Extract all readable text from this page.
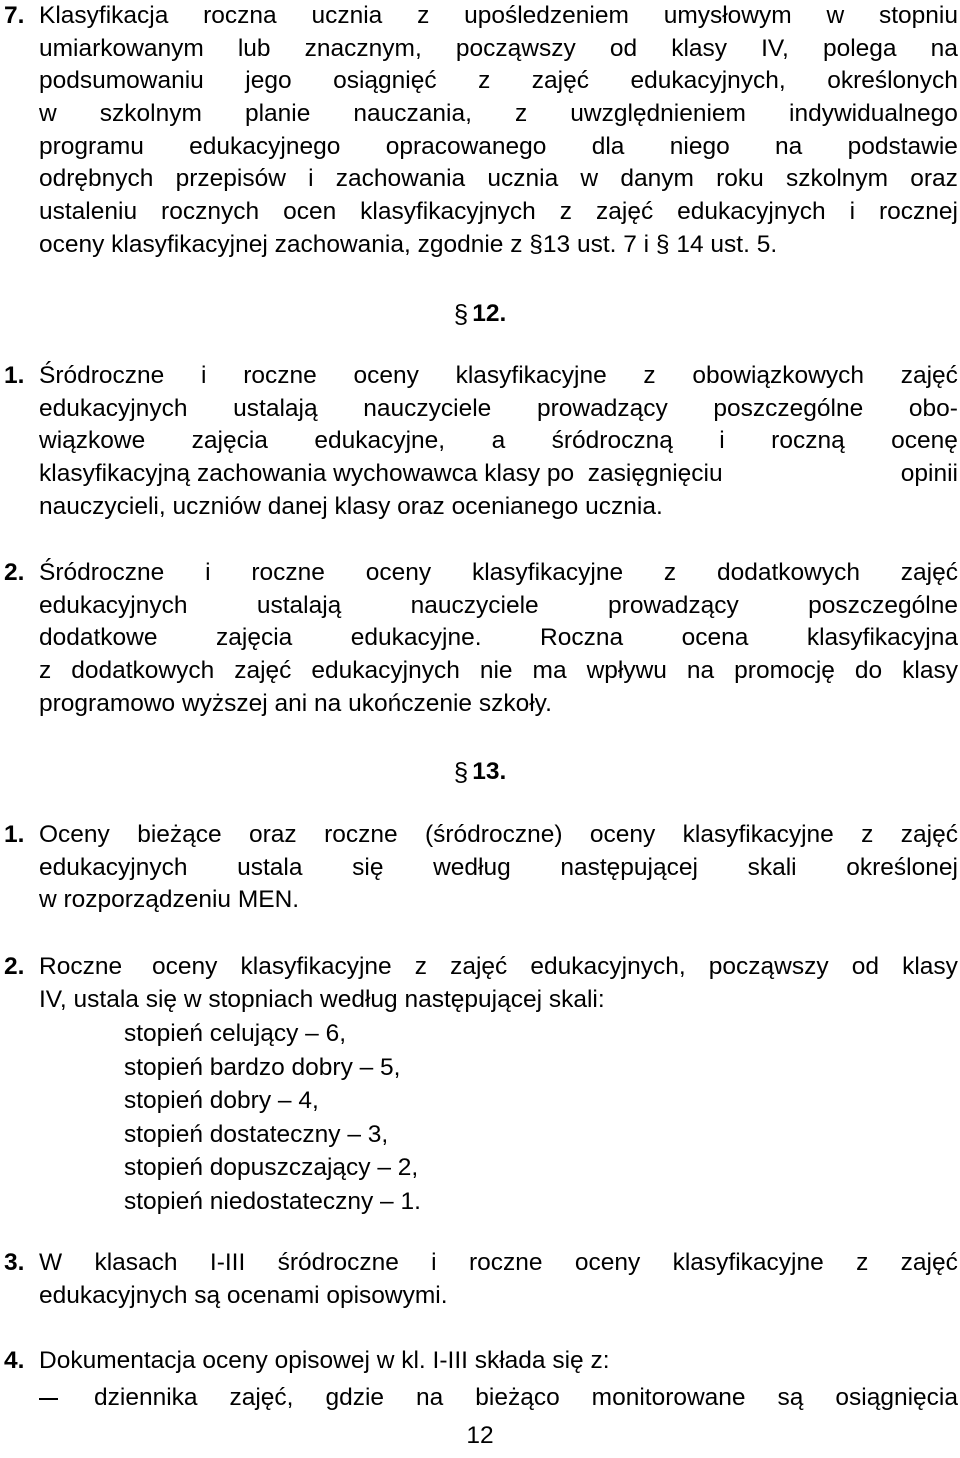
7. Klasyfikacja roczna ucznia z upośledzeniem umysłowym w stopniu
umiarkowanym lub znacznym, począwszy od klasy IV, polega na
podsumowaniu jego osiągnięć z zajęć edukacyjnych, określonych
w szkolnym planie nauczania, z uwzględnieniem indywidualnego
programu edukacyjnego opracowanego dla niego na podstawie
odrębnych przepisów i zachowania ucznia w danym roku szkolnym oraz
ustaleniu rocznych ocen klasyfikacyjnych z zajęć edukacyjnych i rocznej
oceny klasyfikacyjnej zachowania, zgodnie z §13 ust. 7 i § 14 ust. 5.
§ 12.
1. Śródroczne i roczne oceny klasyfikacyjne z obowiązkowych zajęć
edukacyjnych ustalają nauczyciele prowadzący poszczególne obo-
wiązkowe zajęcia edukacyjne, a śródroczną i roczną ocenę
klasyfikacyjną zachowania wychowawca klasy po  zasięgnięciu	opinii
nauczycieli, uczniów danej klasy oraz ocenianego ucznia.
2. Śródroczne i roczne oceny klasyfikacyjne z dodatkowych zajęć
edukacyjnych	ustalają	nauczyciele	prowadzący	poszczególne
dodatkowe zajęcia edukacyjne. Roczna ocena klasyfikacyjna
z dodatkowych zajęć edukacyjnych nie ma wpływu na promocję do klasy
programowo wyższej ani na ukończenie szkoły.
§ 13.
1. Oceny bieżące oraz roczne (śródroczne) oceny klasyfikacyjne z zajęć
edukacyjnych ustala się według następującej skali określonej
w rozporządzeniu MEN.
2. Roczne oceny klasyfikacyjne z zajęć edukacyjnych, począwszy od klasy
IV, ustala się w stopniach według następującej skali:
stopień celujący – 6,
stopień bardzo dobry – 5,
stopień dobry – 4,
stopień dostateczny – 3,
stopień dopuszczający – 2,
stopień niedostateczny – 1.
3. W klasach I-III śródroczne i roczne oceny klasyfikacyjne z zajęć
edukacyjnych są ocenami opisowymi.
4. Dokumentacja oceny opisowej w kl. I-III składa się z:
dziennika zajęć, gdzie na bieżąco monitorowane są osiągnięcia
12
